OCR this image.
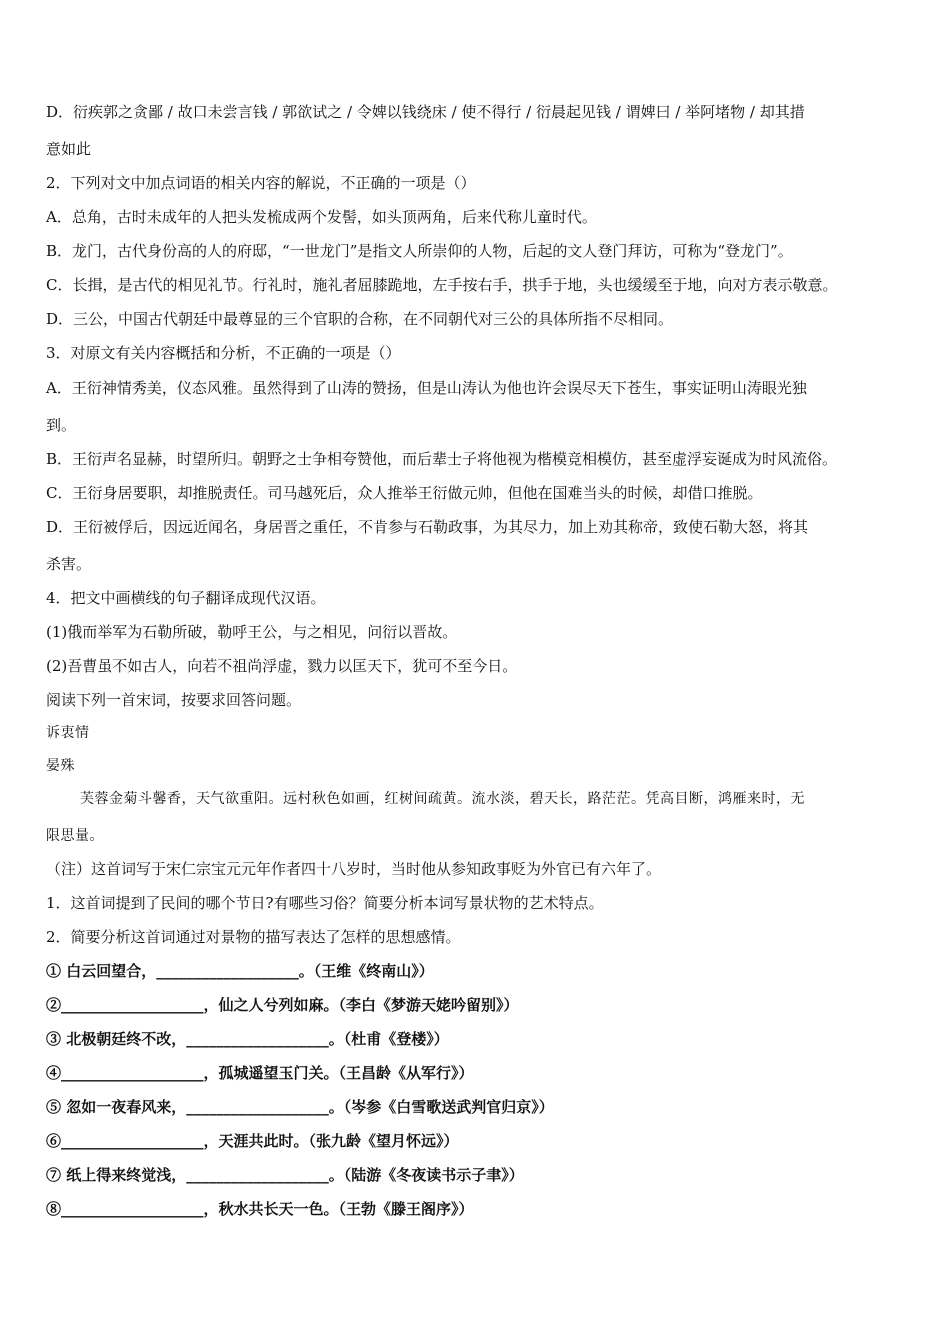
D．衍疾郭之贪鄙 / 故口未尝言钱 / 郭欲试之 / 令婢以钱绕床 / 使不得行 / 衍晨起见钱 / 谓婢曰 / 举阿堵物 / 却其措
意如此
2．下列对文中加点词语的相关内容的解说，不正确的一项是（）
A．总角，古时未成年的人把头发梳成两个发髻，如头顶两角，后来代称儿童时代。
B．龙门，古代身份高的人的府邸，“一世龙门”是指文人所崇仰的人物，后起的文人登门拜访，可称为“登龙门”。
C．长揖，是古代的相见礼节。行礼时，施礼者屈膝跪地，左手按右手，拱手于地，头也缓缓至于地，向对方表示敬意。
D．三公，中国古代朝廷中最尊显的三个官职的合称，在不同朝代对三公的具体所指不尽相同。
3．对原文有关内容概括和分析，不正确的一项是（）
A．王衍神情秀美，仪态风雅。虽然得到了山涛的赞扬，但是山涛认为他也许会误尽天下苍生，事实证明山涛眼光独
到。
B．王衍声名显赫，时望所归。朝野之士争相夸赞他，而后辈士子将他视为楷模竞相模仿，甚至虚浮妄诞成为时风流俗。
C．王衍身居要职，却推脱责任。司马越死后，众人推举王衍做元帅，但他在国难当头的时候，却借口推脱。
D．王衍被俘后，因远近闻名，身居晋之重任，不肯参与石勒政事，为其尽力，加上劝其称帝，致使石勒大怒，将其
杀害。
4．把文中画横线的句子翻译成现代汉语。
(1)俄而举军为石勒所破，勒呼王公，与之相见，问衍以晋故。
(2)吾曹虽不如古人，向若不祖尚浮虚，戮力以匡天下，犹可不至今日。
阅读下列一首宋词，按要求回答问题。
诉衷情
晏殊
芙蓉金菊斗馨香，天气欲重阳。远村秋色如画，红树间疏黄。流水淡，碧天长，路茫茫。凭高目断，鸿雁来时，无
限思量。
（注）这首词写于宋仁宗宝元元年作者四十八岁时，当时他从参知政事贬为外官已有六年了。
1．这首词提到了民间的哪个节日?有哪些习俗？简要分析本词写景状物的艺术特点。
2．简要分析这首词通过对景物的描写表达了怎样的思想感情。
① 白云回望合，___________________。（王维《终南山》）
②___________________，仙之人兮列如麻。（李白《梦游天姥吟留别》）
③ 北极朝廷终不改，___________________。（杜甫《登楼》）
④___________________，孤城遥望玉门关。（王昌龄《从军行》）
⑤ 忽如一夜春风来，___________________。（岑参《白雪歌送武判官归京》）
⑥___________________，天涯共此时。（张九龄《望月怀远》）
⑦ 纸上得来终觉浅，___________________。（陆游《冬夜读书示子聿》）
⑧___________________，秋水共长天一色。（王勃《滕王阁序》）
